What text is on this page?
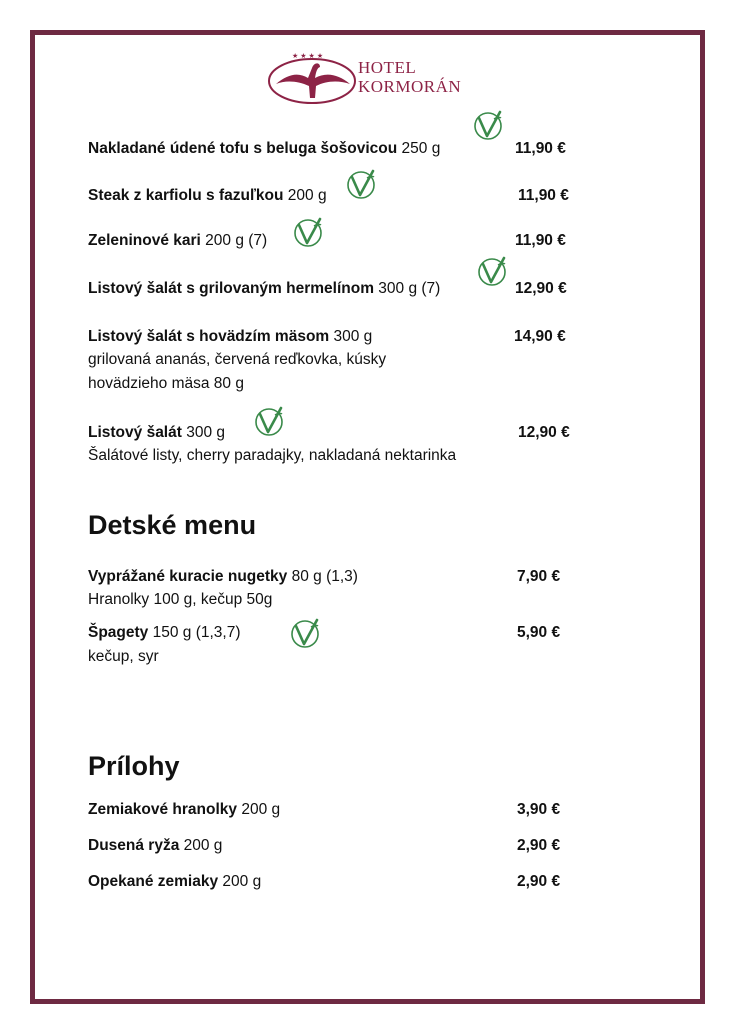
★★★★
HOTEL
KORMORÁN
Nakladané údené tofu s beluga šošovicou 250 g	11,90 €
Steak z karfiolu s fazuľkou 200 g	11,90 €
Zeleninové kari 200 g (7)	11,90 €
Listový šalát s grilovaným hermelínom 300 g (7)	12,90 €
Listový šalát s hovädzím mäsom 300 g	14,90 €
grilovaná ananás, červená reďkovka, kúsky
hovädzieho mäsa 80 g
Listový šalát 300 g	12,90 €
Šalátové listy, cherry paradajky, nakladaná nektarinka
Detské menu
Vyprážané kuracie nugetky 80 g (1,3)	7,90 €
Hranolky 100 g, kečup 50g
Špagety 150 g (1,3,7)	5,90 €
kečup, syr
Prílohy
Zemiakové hranolky 200 g	3,90 €
Dusená ryža 200 g	2,90 €
Opekané zemiaky 200 g	2,90 €
